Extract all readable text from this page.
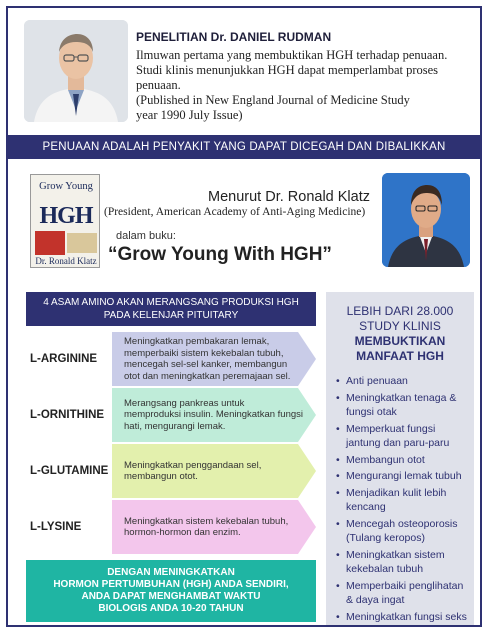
PENELITIAN Dr. DANIEL RUDMAN
Ilmuwan pertama yang membuktikan HGH terhadap penuaan.
Studi klinis menunjukkan HGH dapat memperlambat proses penuaan.
(Published in New England Journal of Medicine Study
year 1990 July Issue)
PENUAAN ADALAH PENYAKIT YANG DAPAT DICEGAH DAN DIBALIKKAN
Grow Young
HGH
Dr. Ronald Klatz
Menurut Dr. Ronald Klatz
(President, American Academy of Anti-Aging Medicine)
dalam buku:
“Grow Young With HGH”
4 ASAM AMINO AKAN MERANGSANG PRODUKSI HGH
PADA KELENJAR PITUITARY
L-ARGININE
Meningkatkan pembakaran lemak, memperbaiki sistem kekebalan tubuh, mencegah sel-sel kanker, membangun otot dan meningkatkan peremajaan sel.
L-ORNITHINE
Merangsang pankreas untuk memproduksi insulin. Meningkatkan fungsi hati, mengurangi lemak.
L-GLUTAMINE Meningkatkan penggandaan sel, membangun otot.
L-LYSINE	Meningkatkan sistem kekebalan tubuh, hormon-hormon dan enzim.
DENGAN MENINGKATKAN
HORMON PERTUMBUHAN (HGH) ANDA SENDIRI,
ANDA DAPAT MENGHAMBAT WAKTU
BIOLOGIS ANDA 10-20 TAHUN
LEBIH DARI 28.000
STUDY KLINIS
MEMBUKTIKAN
MANFAAT HGH
• Anti penuaan
• Meningkatkan tenaga & fungsi otak
• Memperkuat fungsi jantung dan paru-paru
• Membangun otot
• Mengurangi lemak tubuh
• Menjadikan kulit lebih kencang
• Mencegah osteoporosis (Tulang keropos)
• Meningkatkan sistem kekebalan tubuh
• Memperbaiki penglihatan & daya ingat
• Meningkatkan fungsi seks
